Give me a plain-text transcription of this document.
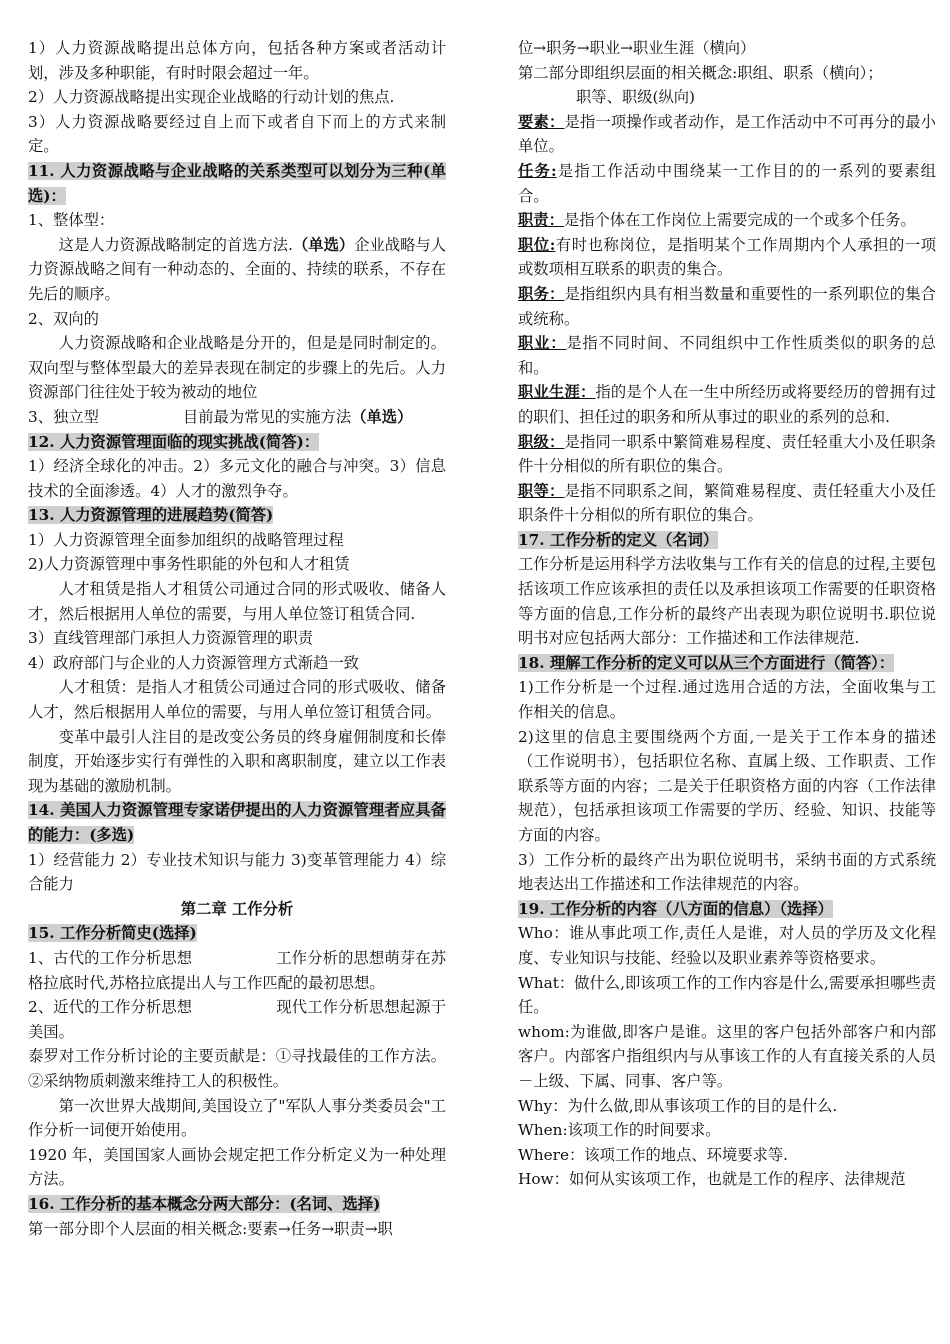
1）人力资源战略提出总体方向，包括各种方案或者活动计划，涉及多种职能，有时时限会超过一年。

2）人力资源战略提出实现企业战略的行动计划的焦点.

3）人力资源战略要经过自上而下或者自下而上的方式来制定。

11. 人力资源战略与企业战略的关系类型可以划分为三种(单选)：

1、整体型：

这是人力资源战略制定的首选方法.（单选）企业战略与人力资源战略之间有一种动态的、全面的、持续的联系，不存在先后的顺序。

2、双向的

人力资源战略和企业战略是分开的，但是是同时制定的。双向型与整体型最大的差异表现在制定的步骤上的先后。人力资源部门往往处于较为被动的地位

3、独立型	目前最为常见的实施方法（单选）

12. 人力资源管理面临的现实挑战(简答)：

1）经济全球化的冲击。2）多元文化的融合与冲突。3）信息技术的全面渗透。4）人才的激烈争夺。

13. 人力资源管理的进展趋势(简答)

1）人力资源管理全面参加组织的战略管理过程

2)人力资源管理中事务性职能的外包和人才租赁

人才租赁是指人才租赁公司通过合同的形式吸收、储备人才，然后根据用人单位的需要，与用人单位签订租赁合同.

3）直线管理部门承担人力资源管理的职责

4）政府部门与企业的人力资源管理方式渐趋一致

人才租赁：是指人才租赁公司通过合同的形式吸收、储备人才，然后根据用人单位的需要，与用人单位签订租赁合同。

变革中最引人注目的是改变公务员的终身雇佣制度和长俸制度，开始逐步实行有弹性的入职和离职制度，建立以工作表现为基础的激励机制。

14. 美国人力资源管理专家诺伊提出的人力资源管理者应具备的能力：(多选)

1）经营能力 2）专业技术知识与能力 3)变革管理能力 4）综合能力

第二章 工作分析

15. 工作分析简史(选择)

1、古代的工作分析思想	工作分析的思想萌芽在苏格拉底时代,苏格拉底提出人与工作匹配的最初思想。

2、近代的工作分析思想	现代工作分析思想起源于美国。

泰罗对工作分析讨论的主要贡献是：①寻找最佳的工作方法。②采纳物质刺激来维持工人的积极性。

第一次世界大战期间,美国设立了"军队人事分类委员会"工作分析一词便开始使用。

1920 年，美国国家人画协会规定把工作分析定义为一种处理方法。

16. 工作分析的基本概念分两大部分：(名词、选择)

第一部分即个人层面的相关概念:要素→任务→职责→职

位→职务→职业→职业生涯（横向）

第二部分即组织层面的相关概念:职组、职系（横向）；

职等、职级(纵向)

要素：是指一项操作或者动作，是工作活动中不可再分的最小单位。

任务:是指工作活动中围绕某一工作目的的一系列的要素组合。

职责：是指个体在工作岗位上需要完成的一个或多个任务。

职位:有时也称岗位，是指明某个工作周期内个人承担的一项或数项相互联系的职责的集合。

职务：是指组织内具有相当数量和重要性的一系列职位的集合或统称。

职业：是指不同时间、不同组织中工作性质类似的职务的总和。

职业生涯：指的是个人在一生中所经历或将要经历的曾拥有过的职们、担任过的职务和所从事过的职业的系列的总和.

职级：是指同一职系中繁简难易程度、责任轻重大小及任职条件十分相似的所有职位的集合。

职等：是指不同职系之间，繁简难易程度、责任轻重大小及任职条件十分相似的所有职位的集合。

17. 工作分析的定义（名词）

工作分析是运用科学方法收集与工作有关的信息的过程,主要包括该项工作应该承担的责任以及承担该项工作需要的任职资格等方面的信息,工作分析的最终产出表现为职位说明书.职位说明书对应包括两大部分：工作描述和工作法律规范.

18. 理解工作分析的定义可以从三个方面进行（简答）：

1)工作分析是一个过程.通过选用合适的方法，全面收集与工作相关的信息。

2)这里的信息主要围绕两个方面,一是关于工作本身的描述（工作说明书），包括职位名称、直属上级、工作职责、工作联系等方面的内容；二是关于任职资格方面的内容（工作法律规范），包括承担该项工作需要的学历、经验、知识、技能等方面的内容。

3）工作分析的最终产出为职位说明书，采纳书面的方式系统地表达出工作描述和工作法律规范的内容。

19. 工作分析的内容（八方面的信息）（选择）

Who：谁从事此项工作,责任人是谁，对人员的学历及文化程度、专业知识与技能、经验以及职业素养等资格要求。

What：做什么,即该项工作的工作内容是什么,需要承担哪些责任。

whom:为谁做,即客户是谁。这里的客户包括外部客户和内部客户。内部客户指组织内与从事该工作的人有直接关系的人员－上级、下属、同事、客户等。

Why：为什么做,即从事该项工作的目的是什么.

When:该项工作的时间要求。

Where：该项工作的地点、环境要求等.

How：如何从实该项工作，也就是工作的程序、法律规范
